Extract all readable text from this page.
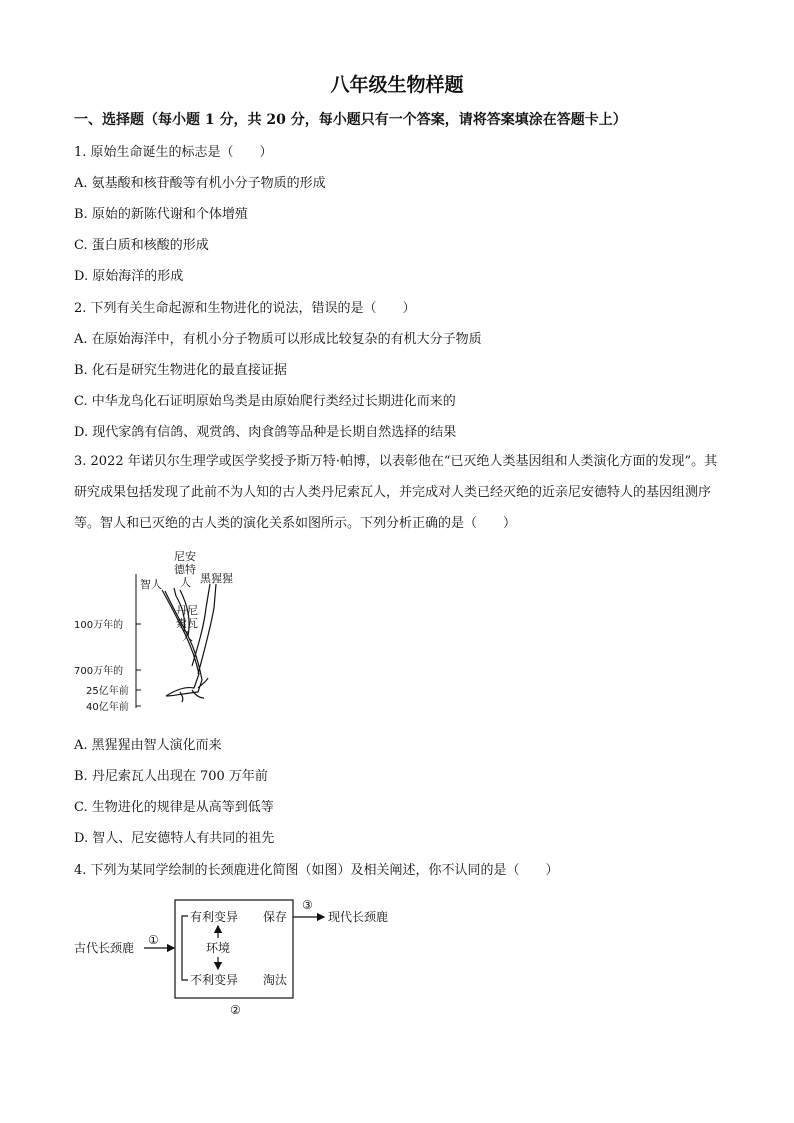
八年级生物样题

一、选择题（每小题 1 分，共 20 分，每小题只有一个答案，请将答案填涂在答题卡上）

1. 原始生命诞生的标志是（　　）

A. 氨基酸和核苷酸等有机小分子物质的形成

B. 原始的新陈代谢和个体增殖

C. 蛋白质和核酸的形成

D. 原始海洋的形成

2. 下列有关生命起源和生物进化的说法，错误的是（　　）

A. 在原始海洋中，有机小分子物质可以形成比较复杂的有机大分子物质

B. 化石是研究生物进化的最直接证据

C. 中华龙鸟化石证明原始鸟类是由原始爬行类经过长期进化而来的

D. 现代家鸽有信鸽、观赏鸽、肉食鸽等品种是长期自然选择的结果

3. 2022 年诺贝尔生理学或医学奖授予斯万特·帕博，以表彰他在“已灭绝人类基因组和人类演化方面的发现”。其研究成果包括发现了此前不为人知的古人类丹尼索瓦人，并完成对人类已经灭绝的近亲尼安德特人的基因组测序等。智人和已灭绝的古人类的演化关系如图所示。下列分析正确的是（　　）

尼安
德特
人
智人	黑猩猩
丹尼
索瓦
人
100万年的
700万年的
25亿年前
40亿年前

A. 黑猩猩由智人演化而来

B. 丹尼索瓦人出现在 700 万年前

C. 生物进化的规律是从高等到低等

D. 智人、尼安德特人有共同的祖先

4. 下列为某同学绘制的长颈鹿进化简图（如图）及相关阐述，你不认同的是（　　）

古代长颈鹿
①
有利变异
环境
不利变异
保存
淘汰
③
现代长颈鹿
②
